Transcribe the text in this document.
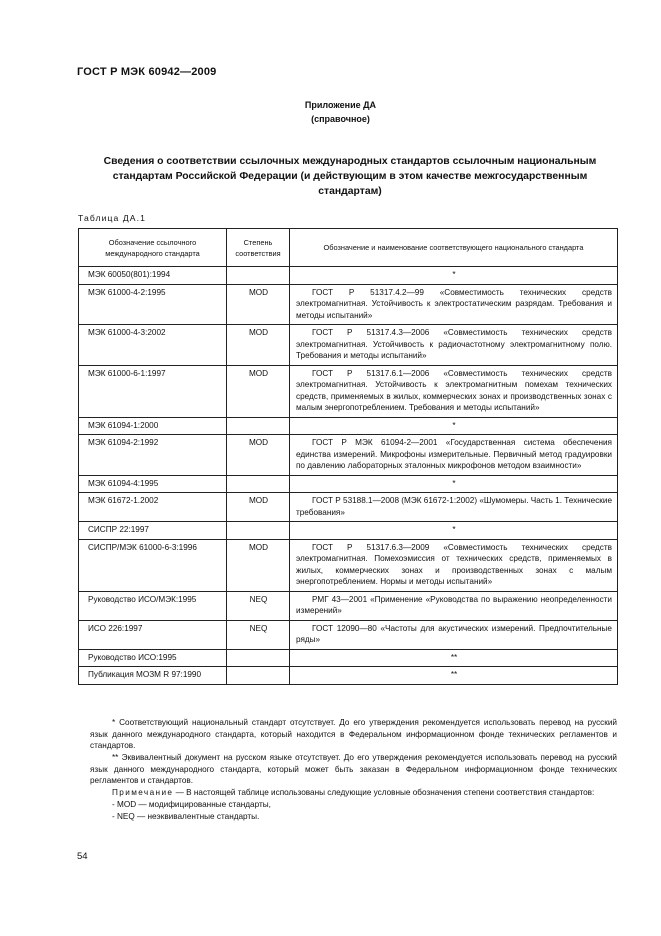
ГОСТ Р МЭК 60942—2009
Приложение ДА
(справочное)
Сведения о соответствии ссылочных международных стандартов ссылочным национальным
стандартам Российской Федерации (и действующим в этом качестве межгосударственным
стандартам)
Таблица ДА.1
Обозначение ссылочного международного стандарта	Степень соответствия	Обозначение и наименование соответствующего национального стандарта
МЭК 60050(801):1994		*
МЭК 61000-4-2:1995	MOD	ГОСТ Р 51317.4.2—99 «Совместимость технических средств электромагнитная. Устойчивость к электростатическим разрядам. Требования и методы испытаний»
МЭК 61000-4-3:2002	MOD	ГОСТ Р 51317.4.3—2006 «Совместимость технических средств электромагнитная. Устойчивость к радиочастотному электромагнитному полю. Требования и методы испытаний»
МЭК 61000-6-1:1997	MOD	ГОСТ Р 51317.6.1—2006 «Совместимость технических средств электромагнитная. Устойчивость к электромагнитным помехам технических средств, применяемых в жилых, коммерческих зонах и производственных зонах с малым энергопотреблением. Требования и методы испытаний»
МЭК 61094-1:2000		*
МЭК 61094-2:1992	MOD	ГОСТ Р МЭК 61094-2—2001 «Государственная система обеспечения единства измерений. Микрофоны измерительные. Первичный метод градуировки по давлению лабораторных эталонных микрофонов методом взаимности»
МЭК 61094-4:1995		*
МЭК 61672-1.2002	MOD	ГОСТ Р 53188.1—2008 (МЭК 61672-1:2002) «Шумомеры. Часть 1. Технические требования»
СИСПР 22:1997		*
СИСПР/МЭК 61000-6-3:1996	MOD	ГОСТ Р 51317.6.3—2009 «Совместимость технических средств электромагнитная. Помехоэмиссия от технических средств, применяемых в жилых, коммерческих зонах и производственных зонах с малым энергопотреблением. Нормы и методы испытаний»
Руководство ИСО/МЭК:1995	NEQ	РМГ 43—2001 «Применение «Руководства по выражению неопределенности измерений»
ИСО 226:1997	NEQ	ГОСТ 12090—80 «Частоты для акустических измерений. Предпочтительные ряды»
Руководство ИСО:1995		**
Публикация МОЗМ R 97:1990		**

* Соответствующий национальный стандарт отсутствует. До его утверждения рекомендуется использовать перевод на русский язык данного международного стандарта, который находится в Федеральном информационном фонде технических регламентов и стандартов.

** Эквивалентный документ на русском языке отсутствует. До его утверждения рекомендуется использовать перевод на русский язык данного международного стандарта, который может быть заказан в Федеральном информационном фонде технических регламентов и стандартов.

Примечание — В настоящей таблице использованы следующие условные обозначения степени соответствия стандартов:

- MOD — модифицированные стандарты,

- NEQ — неэквивалентные стандарты.

54
